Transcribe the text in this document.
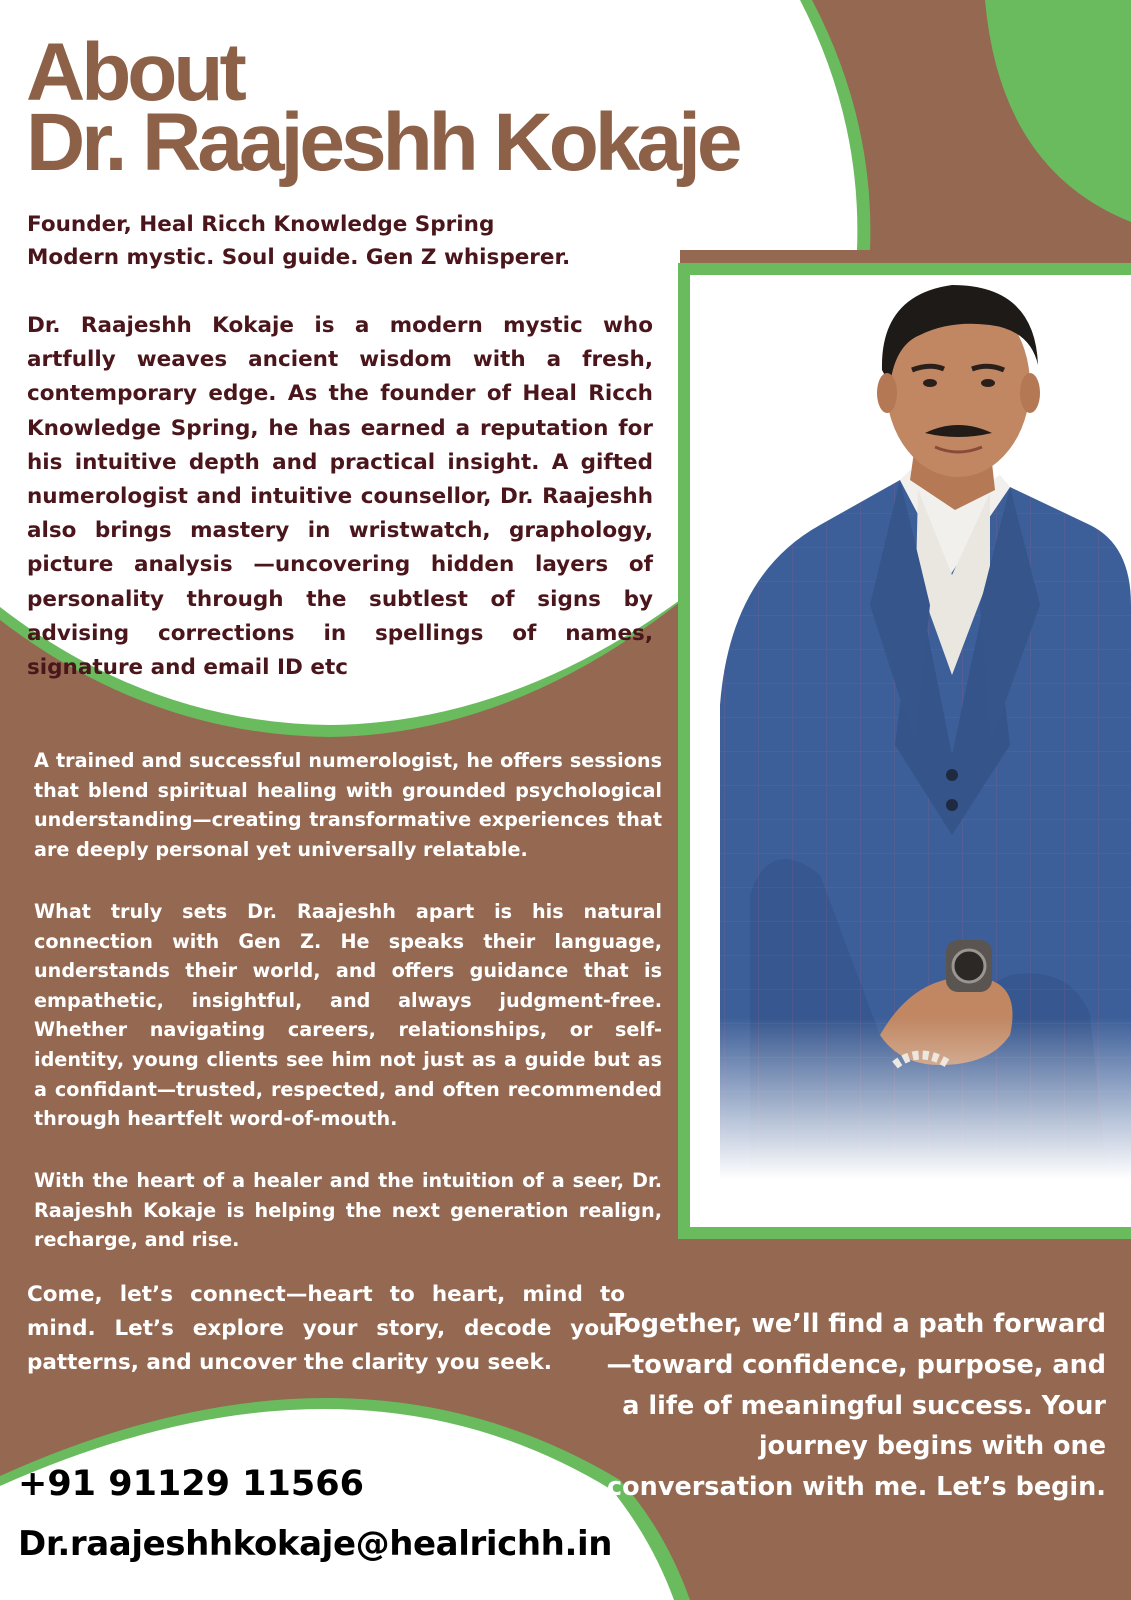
About
Dr. Raajeshh Kokaje

Founder, Heal Ricch Knowledge Spring
Modern mystic. Soul guide. Gen Z whisperer.

Dr. Raajeshh Kokaje is a modern mystic who artfully weaves ancient wisdom with a fresh, contemporary edge. As the founder of Heal Ricch Knowledge Spring, he has earned a reputation for his intuitive depth and practical insight. A gifted numerologist and intuitive counsellor, Dr. Raajeshh also brings mastery in wristwatch, graphology, picture analysis —uncovering hidden layers of personality through the subtlest of signs by advising corrections in spellings of names, signature and email ID etc

A trained and successful numerologist, he offers sessions that blend spiritual healing with grounded psychological understanding—creating transformative experiences that are deeply personal yet universally relatable.

What truly sets Dr. Raajeshh apart is his natural connection with Gen Z. He speaks their language, understands their world, and offers guidance that is empathetic, insightful, and always judgment-free. Whether navigating careers, relationships, or self-identity, young clients see him not just as a guide but as a confidant—trusted, respected, and often recommended through heartfelt word-of-mouth.

With the heart of a healer and the intuition of a seer, Dr. Raajeshh Kokaje is helping the next generation realign, recharge, and rise.

Come, let’s connect—heart to heart, mind to mind. Let’s explore your story, decode your patterns, and uncover the clarity you seek.

Together, we’ll find a path forward—toward confidence, purpose, and a life of meaningful success. Your journey begins with one conversation with me. Let’s begin.

+91 91129 11566
Dr.raajeshhkokaje@healrichh.in
